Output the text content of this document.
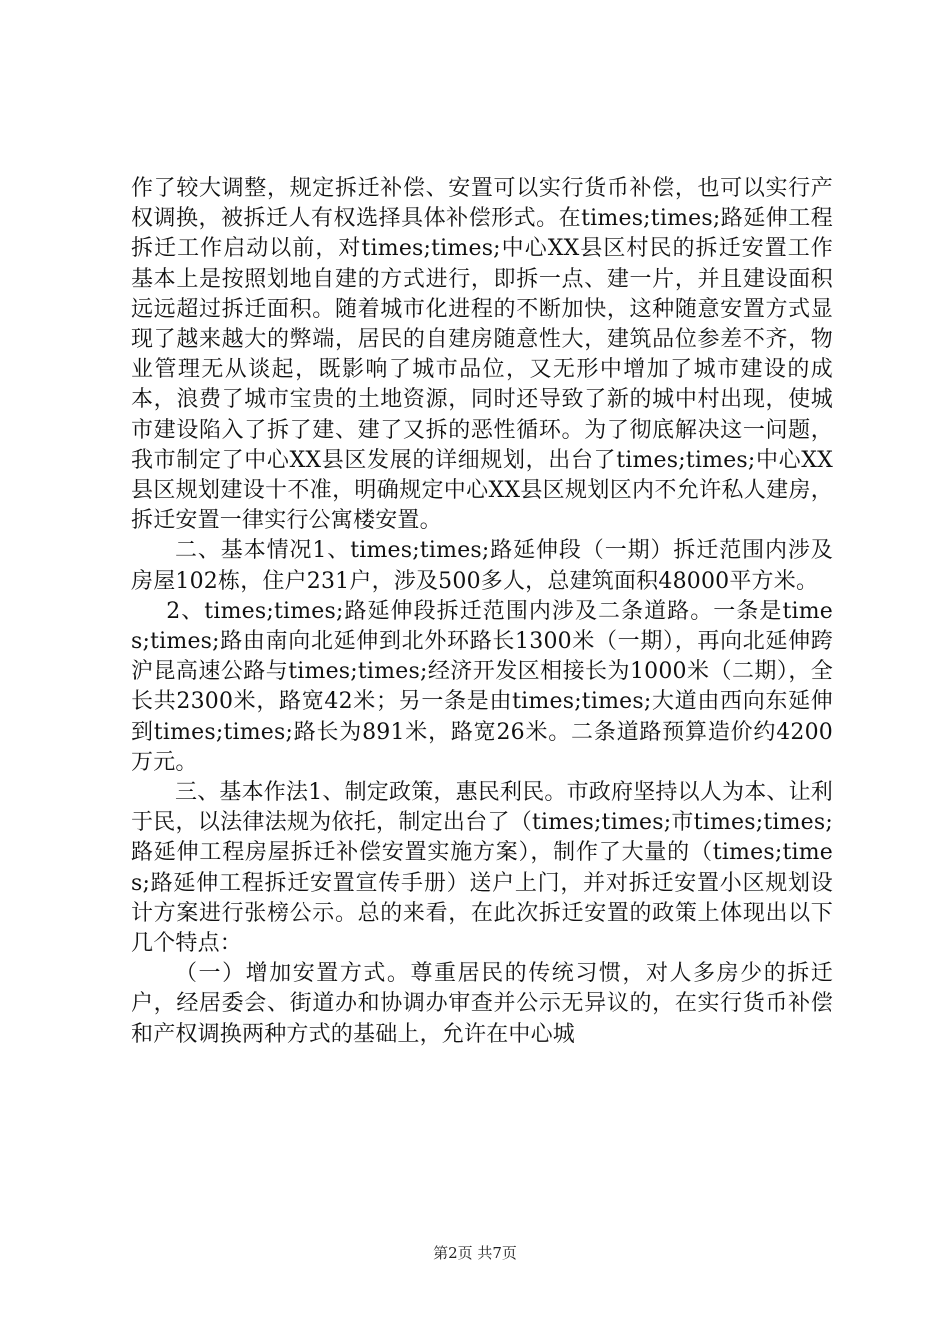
作了较大调整，规定拆迁补偿、安置可以实行货币补偿，也可以实行产权调换，被拆迁人有权选择具体补偿形式。在times;times;路延伸工程拆迁工作启动以前，对times;times;中心XX县区村民的拆迁安置工作基本上是按照划地自建的方式进行，即拆一点、建一片，并且建设面积远远超过拆迁面积。随着城市化进程的不断加快，这种随意安置方式显现了越来越大的弊端，居民的自建房随意性大，建筑品位参差不齐，物业管理无从谈起，既影响了城市品位，又无形中增加了城市建设的成本，浪费了城市宝贵的土地资源，同时还导致了新的城中村出现，使城市建设陷入了拆了建、建了又拆的恶性循环。为了彻底解决这一问题，我市制定了中心XX县区发展的详细规划，出台了times;times;中心XX县区规划建设十不准，明确规定中心XX县区规划区内不允许私人建房，拆迁安置一律实行公寓楼安置。

二、基本情况1、times;times;路延伸段（一期）拆迁范围内涉及房屋102栋，住户231户，涉及500多人，总建筑面积48000平方米。

2、times;times;路延伸段拆迁范围内涉及二条道路。一条是times;times;路由南向北延伸到北外环路长1300米（一期），再向北延伸跨沪昆高速公路与times;times;经济开发区相接长为1000米（二期），全长共2300米，路宽42米；另一条是由times;times;大道由西向东延伸到times;times;路长为891米，路宽26米。二条道路预算造价约4200万元。

三、基本作法1、制定政策，惠民利民。市政府坚持以人为本、让利于民，以法律法规为依托，制定出台了（times;times;市times;times;路延伸工程房屋拆迁补偿安置实施方案），制作了大量的（times;times;路延伸工程拆迁安置宣传手册）送户上门，并对拆迁安置小区规划设计方案进行张榜公示。总的来看，在此次拆迁安置的政策上体现出以下几个特点：

（一）增加安置方式。尊重居民的传统习惯，对人多房少的拆迁户，经居委会、街道办和协调办审查并公示无异议的，在实行货币补偿和产权调换两种方式的基础上，允许在中心城

第2页 共7页
